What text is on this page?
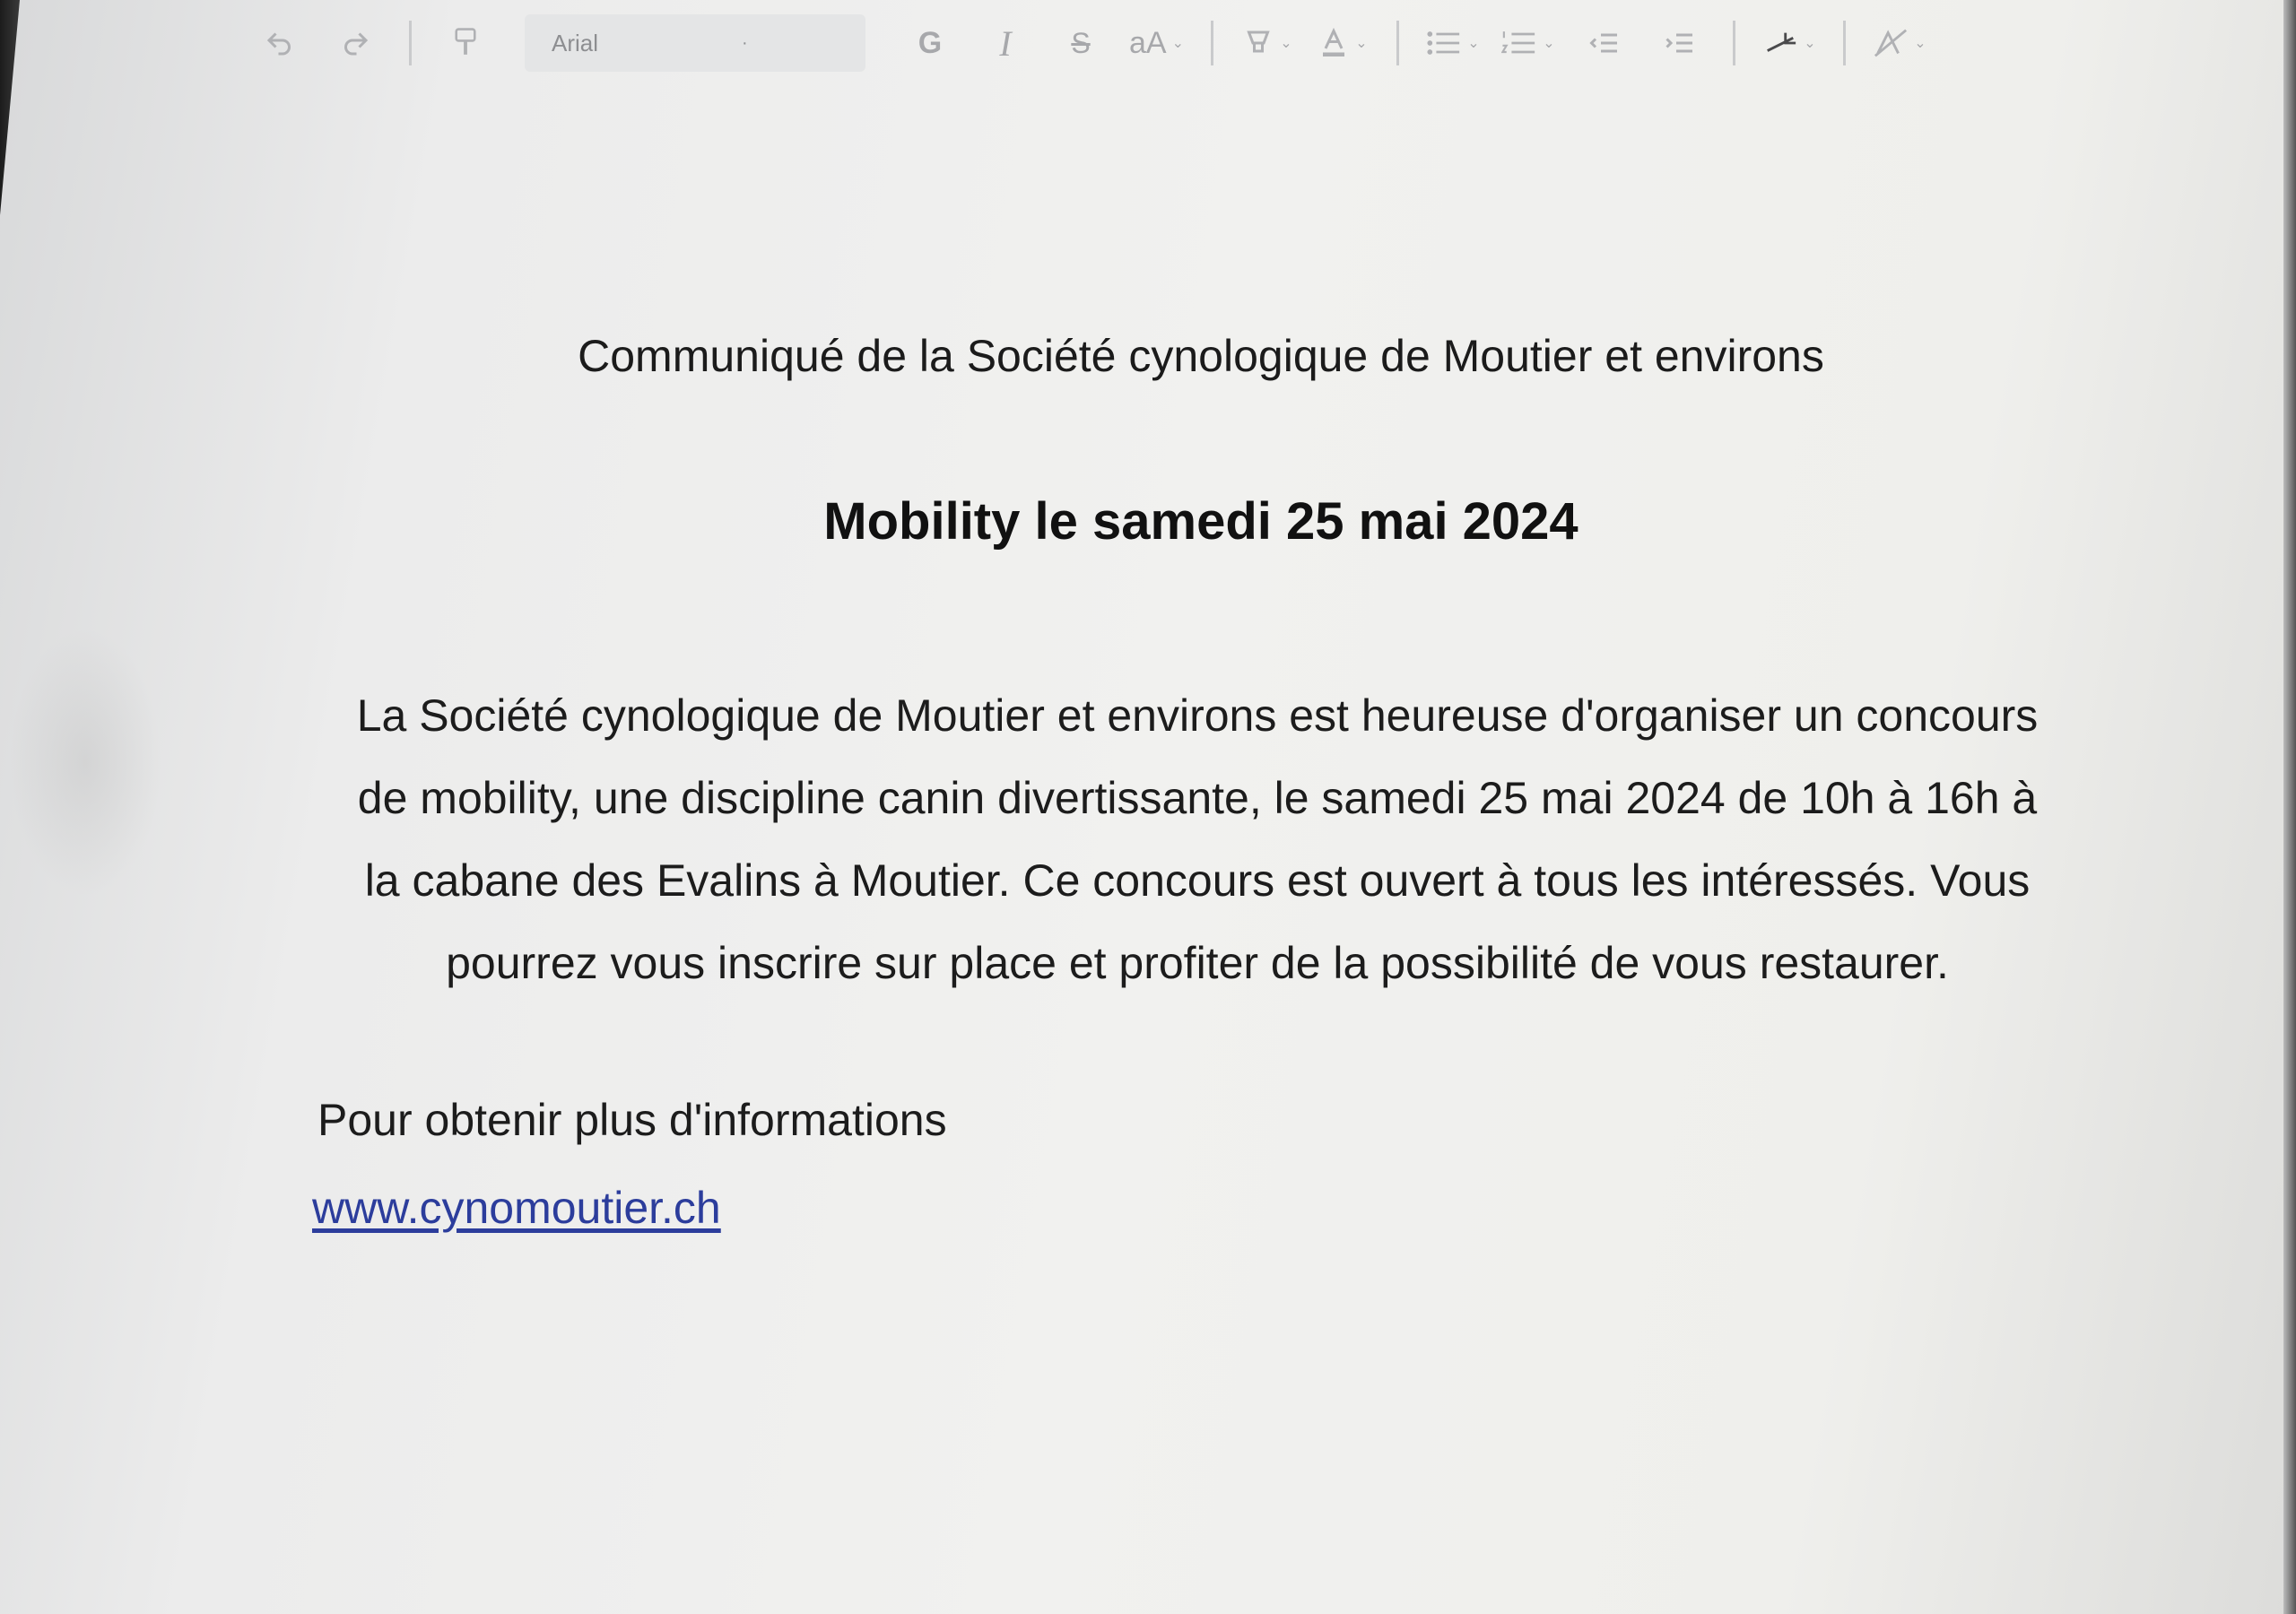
Arial	·	G	I	S	aA ⌄	⌄	⌄	⌄	⌄	⌄	⌄
Communiqué de la Société cynologique de Moutier et environs
Mobility le samedi 25 mai 2024
La Société cynologique de Moutier et environs est heureuse d'organiser un concours de mobility, une discipline canin divertissante, le samedi 25 mai 2024 de 10h à 16h à la cabane des Evalins à Moutier. Ce concours est ouvert à tous les intéressés. Vous pourrez vous inscrire sur place et profiter de la possibilité de vous restaurer.
Pour obtenir plus d'informations
www.cynomoutier.ch
